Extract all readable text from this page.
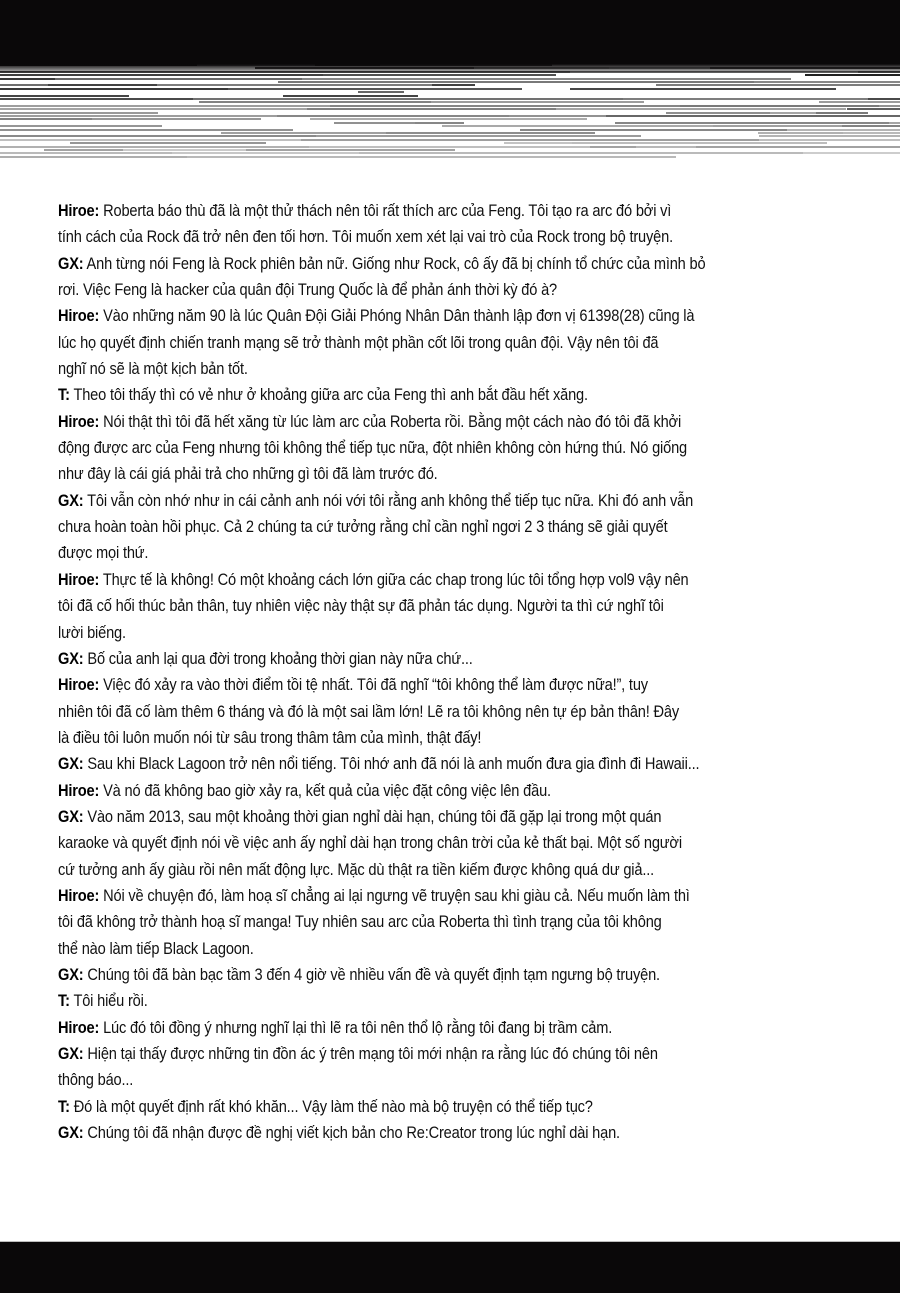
Hiroe: Roberta báo thù đã là một thử thách nên tôi rất thích arc của Feng. Tôi tạo ra arc đó bởi vì
tính cách của Rock đã trở nên đen tối hơn. Tôi muốn xem xét lại vai trò của Rock trong bộ truyện.
GX: Anh từng nói Feng là Rock phiên bản nữ. Giống như Rock, cô ấy đã bị chính tổ chức của mình bỏ
rơi. Việc Feng là hacker của quân đội Trung Quốc là để phản ánh thời kỳ đó à?
Hiroe: Vào những năm 90 là lúc Quân Đội Giải Phóng Nhân Dân thành lập đơn vị 61398(28) cũng là
lúc họ quyết định chiến tranh mạng sẽ trở thành một phần cốt lõi trong quân đội. Vậy nên tôi đã
nghĩ nó sẽ là một kịch bản tốt.
T: Theo tôi thấy thì có vẻ như ở khoảng giữa arc của Feng thì anh bắt đầu hết xăng.
Hiroe: Nói thật thì tôi đã hết xăng từ lúc làm arc của Roberta rồi. Bằng một cách nào đó tôi đã khởi
động được arc của Feng nhưng tôi không thể tiếp tục nữa, đột nhiên không còn hứng thú. Nó giống
như đây là cái giá phải trả cho những gì tôi đã làm trước đó.
GX: Tôi vẫn còn nhớ như in cái cảnh anh nói với tôi rằng anh không thể tiếp tục nữa. Khi đó anh vẫn
chưa hoàn toàn hồi phục. Cả 2 chúng ta cứ tưởng rằng chỉ cần nghỉ ngơi 2 3 tháng sẽ giải quyết
được mọi thứ.
Hiroe: Thực tế là không! Có một khoảng cách lớn giữa các chap trong lúc tôi tổng hợp vol9 vậy nên
tôi đã cố hối thúc bản thân, tuy nhiên việc này thật sự đã phản tác dụng. Người ta thì cứ nghĩ tôi
lười biếng.
GX: Bố của anh lại qua đời trong khoảng thời gian này nữa chứ...
Hiroe: Việc đó xảy ra vào thời điểm tồi tệ nhất. Tôi đã nghĩ “tôi không thể làm được nữa!”, tuy
nhiên tôi đã cố làm thêm 6 tháng và đó là một sai lầm lớn! Lẽ ra tôi không nên tự ép bản thân! Đây
là điều tôi luôn muốn nói từ sâu trong thâm tâm của mình, thật đấy!
GX: Sau khi Black Lagoon trở nên nổi tiếng. Tôi nhớ anh đã nói là anh muốn đưa gia đình đi Hawaii...
Hiroe: Và nó đã không bao giờ xảy ra, kết quả của việc đặt công việc lên đầu.
GX: Vào năm 2013, sau một khoảng thời gian nghỉ dài hạn, chúng tôi đã gặp lại trong một quán
karaoke và quyết định nói về việc anh ấy nghỉ dài hạn trong chân trời của kẻ thất bại. Một số người
cứ tưởng anh ấy giàu rồi nên mất động lực. Mặc dù thật ra tiền kiếm được không quá dư giả...
Hiroe: Nói về chuyện đó, làm hoạ sĩ chẳng ai lại ngưng vẽ truyện sau khi giàu cả. Nếu muốn làm thì
tôi đã không trở thành hoạ sĩ manga! Tuy nhiên sau arc của Roberta thì tình trạng của tôi không
thể nào làm tiếp Black Lagoon.
GX: Chúng tôi đã bàn bạc tầm 3 đến 4 giờ về nhiều vấn đề và quyết định tạm ngưng bộ truyện.
T: Tôi hiểu rồi.
Hiroe: Lúc đó tôi đồng ý nhưng nghĩ lại thì lẽ ra tôi nên thổ lộ rằng tôi đang bị trầm cảm.
GX: Hiện tại thấy được những tin đồn ác ý trên mạng tôi mới nhận ra rằng lúc đó chúng tôi nên
thông báo...
T: Đó là một quyết định rất khó khăn... Vậy làm thế nào mà bộ truyện có thể tiếp tục?
GX: Chúng tôi đã nhận được đề nghị viết kịch bản cho Re:Creator trong lúc nghỉ dài hạn.
